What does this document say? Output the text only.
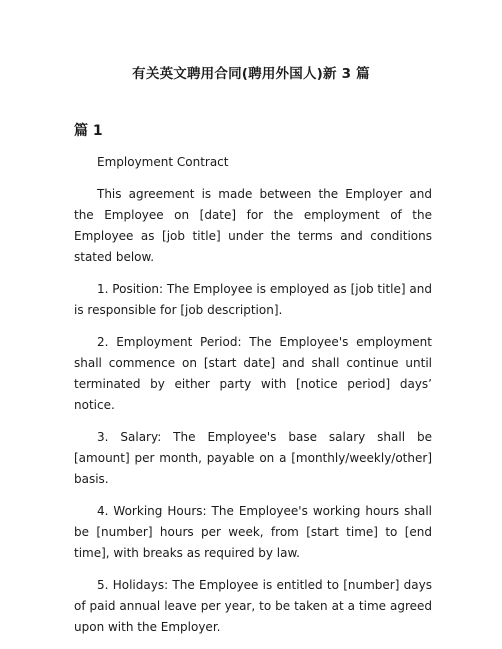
有关英文聘用合同(聘用外国人)新 3 篇
篇 1

Employment Contract

This agreement is made between the Employer and the Employee on [date] for the employment of the Employee as [job title] under the terms and conditions stated below.

1. Position: The Employee is employed as [job title] and is responsible for [job description].

2. Employment Period: The Employee's employment shall commence on [start date] and shall continue until terminated by either party with [notice period] days’ notice.

3. Salary: The Employee's base salary shall be [amount] per month, payable on a [monthly/weekly/other] basis.

4. Working Hours: The Employee's working hours shall be [number] hours per week, from [start time] to [end time], with breaks as required by law.

5. Holidays: The Employee is entitled to [number] days of paid annual leave per year, to be taken at a time agreed upon with the Employer.
